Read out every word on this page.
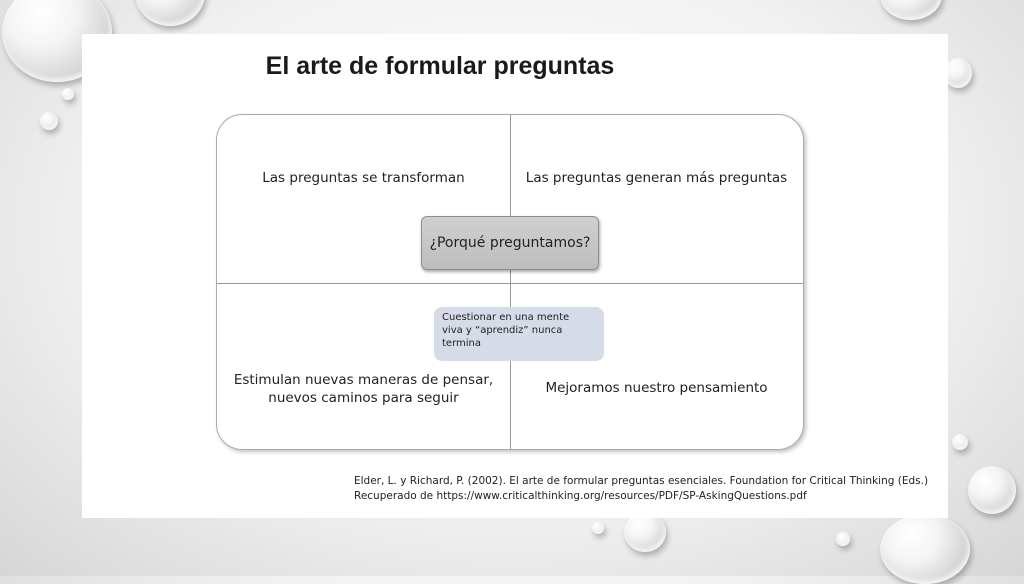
El arte de formular preguntas
Las preguntas se transforman	Las preguntas generan más preguntas
Estimulan nuevas maneras de pensar,
nuevos caminos para seguir
Mejoramos nuestro pensamiento
¿Porqué preguntamos?
Cuestionar en una mente
viva y “aprendiz” nunca
termina
Elder, L. y Richard, P. (2002). El arte de formular preguntas esenciales. Foundation for Critical Thinking (Eds.)
Recuperado de https://www.criticalthinking.org/resources/PDF/SP-AskingQuestions.pdf
